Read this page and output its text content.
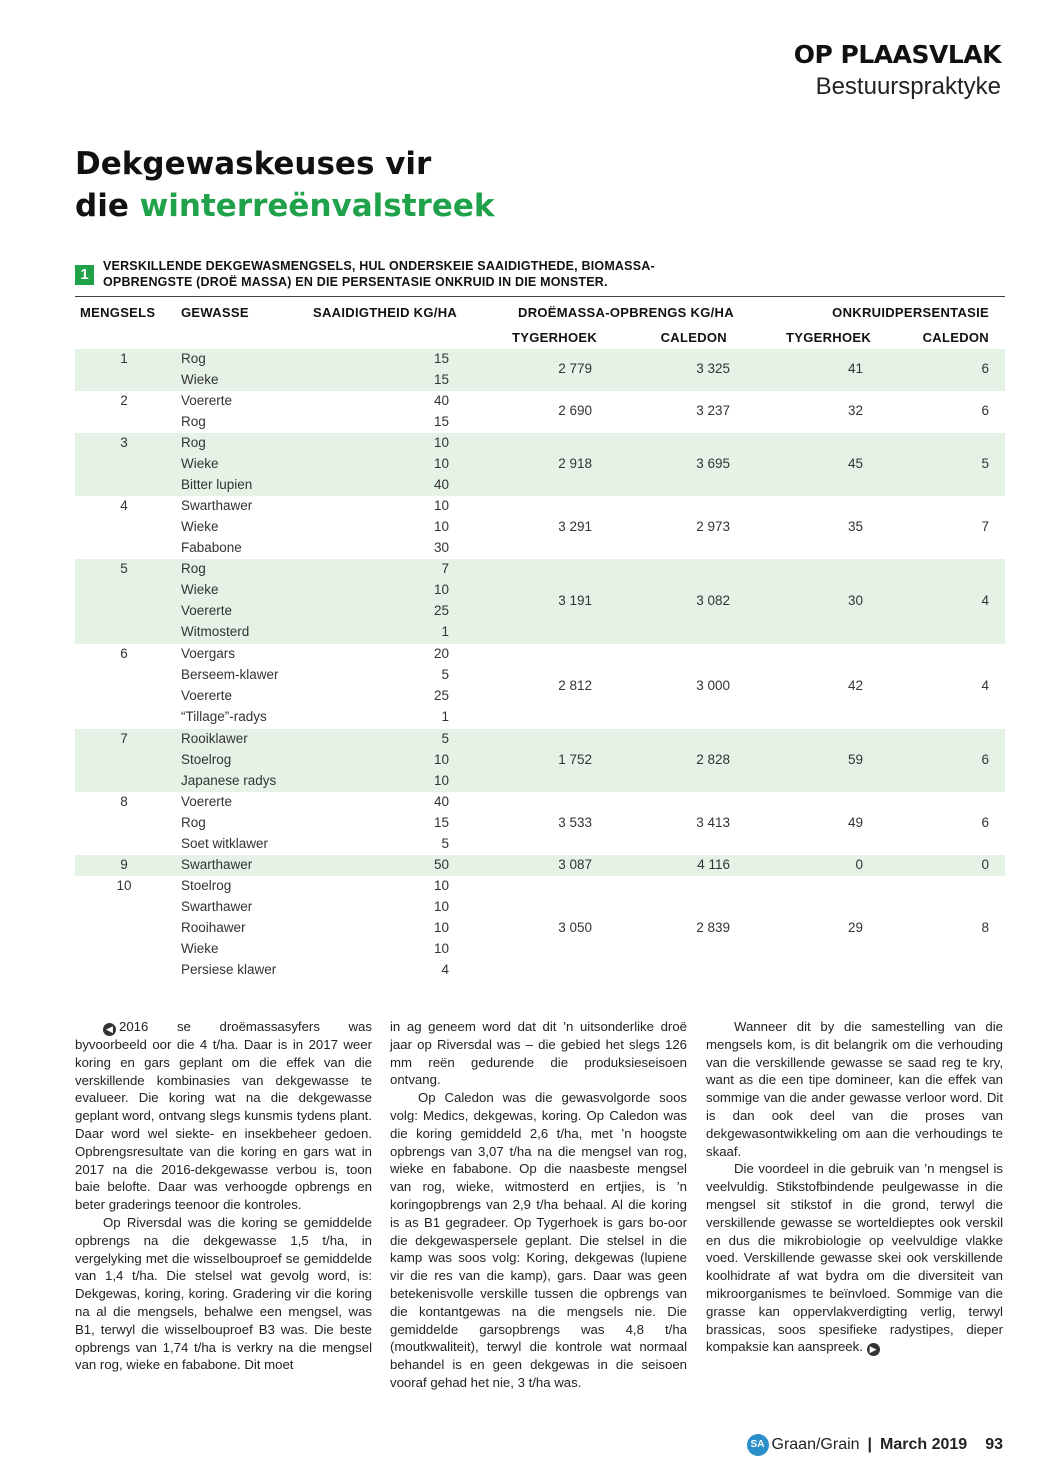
OP PLAASVLAK
Bestuurspraktyke
Dekgewaskeuses vir
die winterreënvalstreek
1	VERSKILLENDE DEKGEWASMENGSELS, HUL ONDERSKEIE SAAIDIGTHEDE, BIOMASSA-
OPBRENGSTE (DROË MASSA) EN DIE PERSENTASIE ONKRUID IN DIE MONSTER.
MENGSELS GEWASSE	SAAIDIGTHEID KG/HA	DROËMASSA-OPBRENGS KG/HA	ONKRUIDPERSENTASIE
TYGERHOEK	CALEDON	TYGERHOEK	CALEDON
1	Rog	15
Wieke	15
2 779	3 325	41	6
2	Voererte	40
Rog	15
2 690	3 237	32	6
3	Rog	10
Wieke	10
Bitter lupien	40
2 918	3 695	45	5
4	Swarthawer	10
Wieke	10
Fababone	30
3 291	2 973	35	7
5	Rog	7
Wieke	10
Voererte	25
Witmosterd	1
3 191	3 082	30	4
6	Voergars	20
Berseem-klawer	5
Voererte	25
“Tillage”-radys	1
2 812	3 000	42	4
7	Rooiklawer	5
Stoelrog	10
Japanese radys	10
1 752	2 828	59	6
8	Voererte	40
Rog	15
Soet witklawer	5
3 533	3 413	49	6
9	Swarthawer	50	3 087	4 116	0	0
10	Stoelrog	10
Swarthawer	10
Rooihawer	10
Wieke	10
Persiese klawer	4
3 050	2 839	29	8

◀ 2016 se droëmassasyfers was byvoorbeeld oor die 4 t/ha. Daar is in 2017 weer koring en gars geplant om die effek van die verskillende kombinasies van dekgewasse te evalueer. Die koring wat na die dekgewasse geplant word, ontvang slegs kunsmis tydens plant. Daar word wel siekte- en insekbeheer gedoen. Opbrengsresultate van die koring en gars wat in 2017 na die 2016-dekgewasse verbou is, toon baie belofte. Daar was verhoogde opbrengs en beter graderings teenoor die kontroles.

Op Riversdal was die koring se gemiddelde opbrengs na die dekgewasse 1,5 t/ha, in vergelyking met die wisselbouproef se gemiddelde van 1,4 t/ha. Die stelsel wat gevolg word, is: Dekgewas, koring, koring. Gradering vir die koring na al die mengsels, behalwe een mengsel, was B1, terwyl die wisselbouproef B3 was. Die beste opbrengs van 1,74 t/ha is verkry na die mengsel van rog, wieke en fababone. Dit moet

in ag geneem word dat dit ’n uitsonderlike droë jaar op Riversdal was – die gebied het slegs 126 mm reën gedurende die produksieseisoen ontvang.

Op Caledon was die gewasvolgorde soos volg: Medics, dekgewas, koring. Op Caledon was die koring gemiddeld 2,6 t/ha, met ’n hoogste opbrengs van 3,07 t/ha na die mengsel van rog, wieke en fababone. Op die naasbeste mengsel van rog, wieke, witmosterd en ertjies, is ’n koringopbrengs van 2,9 t/ha behaal. Al die koring is as B1 gegradeer. Op Tygerhoek is gars bo-oor die dekgewaspersele geplant. Die stelsel in die kamp was soos volg: Koring, dekgewas (lupiene vir die res van die kamp), gars. Daar was geen betekenisvolle verskille tussen die opbrengs van die kontantgewas na die mengsels nie. Die gemiddelde garsopbrengs was 4,8 t/ha (moutkwaliteit), terwyl die kontrole wat normaal behandel is en geen dekgewas in die seisoen vooraf gehad het nie, 3 t/ha was.

Wanneer dit by die samestelling van die mengsels kom, is dit belangrik om die verhouding van die verskillende gewasse se saad reg te kry, want as die een tipe domineer, kan die effek van sommige van die ander gewasse verloor word. Dit is dan ook deel van die proses van dekgewasontwikkeling om aan die verhoudings te skaaf.

Die voordeel in die gebruik van ’n mengsel is veelvuldig. Stikstofbindende peulgewasse in die mengsel sit stikstof in die grond, terwyl die verskillende gewasse se worteldieptes ook verskil en dus die mikrobiologie op veelvuldige vlakke voed. Verskillende gewasse skei ook verskillende koolhidrate af wat bydra om die diversiteit van mikroorganismes te beïnvloed. Sommige van die grasse kan oppervlakverdigting verlig, terwyl brassicas, soos spesifieke radystipes, dieper kompaksie kan aanspreek. ▶

SA Graan/Grain | March 2019 93
